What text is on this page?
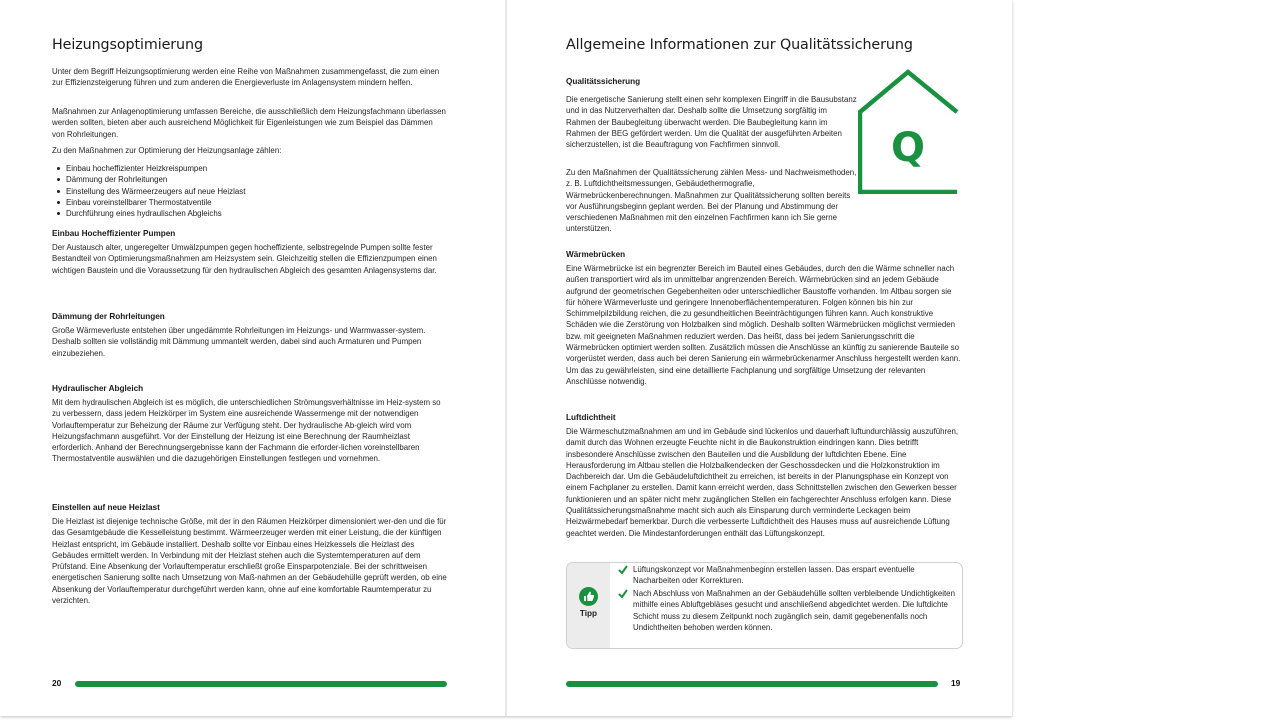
Heizungsoptimierung

Unter dem Begriff Heizungsoptimierung werden eine Reihe von Maßnahmen zusammengefasst, die zum einen zur Effizienzsteigerung führen und zum anderen die Energieverluste im Anlagensystem mindern helfen.

Maßnahmen zur Anlagenoptimierung umfassen Bereiche, die ausschließlich dem Heizungsfachmann überlassen werden sollten, bieten aber auch ausreichend Möglichkeit für Eigenleistungen wie zum Beispiel das Dämmen von Rohrleitungen.

Zu den Maßnahmen zur Optimierung der Heizungsanlage zählen:

Einbau hocheffizienter Heizkreispumpen
Dämmung der Rohrleitungen
Einstellung des Wärmeerzeugers auf neue Heizlast
Einbau voreinstellbarer Thermostatventile
Durchführung eines hydraulischen Abgleichs
Einbau Hocheffizienter Pumpen

Der Austausch alter, ungeregelter Umwälzpumpen gegen hocheffiziente, selbstregelnde Pumpen sollte fester Bestandteil von Optimierungsmaßnahmen am Heizsystem sein. Gleichzeitig stellen die Effizienzpumpen einen wichtigen Baustein und die Voraussetzung für den hydraulischen Abgleich des gesamten Anlagensystems dar.

Dämmung der Rohrleitungen

Große Wärmeverluste entstehen über ungedämmte Rohrleitungen im Heizungs- und Warmwasser-system. Deshalb sollten sie vollständig mit Dämmung ummantelt werden, dabei sind auch Armaturen und Pumpen einzubeziehen.

Hydraulischer Abgleich

Mit dem hydraulischen Abgleich ist es möglich, die unterschiedlichen Strömungsverhältnisse im Heiz-system so zu verbessern, dass jedem Heizkörper im System eine ausreichende Wassermenge mit der notwendigen Vorlauftemperatur zur Beheizung der Räume zur Verfügung steht. Der hydraulische Ab-gleich wird vom Heizungsfachmann ausgeführt. Vor der Einstellung der Heizung ist eine Berechnung der Raumheizlast erforderlich. Anhand der Berechnungsergebnisse kann der Fachmann die erforder-lichen voreinstellbaren Thermostatventile auswählen und die dazugehörigen Einstellungen festlegen und vornehmen.

Einstellen auf neue Heizlast

Die Heizlast ist diejenige technische Größe, mit der in den Räumen Heizkörper dimensioniert wer-den und die für das Gesamtgebäude die Kesselleistung bestimmt. Wärmeerzeuger werden mit einer Leistung, die der künftigen Heizlast entspricht, im Gebäude installiert. Deshalb sollte vor Einbau eines Heizkessels die Heizlast des Gebäudes ermittelt werden. In Verbindung mit der Heizlast stehen auch die Systemtemperaturen auf dem Prüfstand. Eine Absenkung der Vorlauftemperatur erschließt große Einsparpotenziale. Bei der schrittweisen energetischen Sanierung sollte nach Umsetzung von Maß-nahmen an der Gebäudehülle geprüft werden, ob eine Absenkung der Vorlauftemperatur durchgeführt werden kann, ohne auf eine komfortable Raumtemperatur zu verzichten.

20
Allgemeine Informationen zur Qualitätssicherung
Qualitätssicherung

Die energetische Sanierung stellt einen sehr komplexen Eingriff in die Bausubstanz und in das Nutzerverhalten dar. Deshalb sollte die Umsetzung sorgfältig im Rahmen der Baubegleitung überwacht werden. Die Baubegleitung kann im Rahmen der BEG gefördert werden. Um die Qualität der ausgeführten Arbeiten sicherzustellen, ist die Beauftragung von Fachfirmen sinnvoll.

Zu den Maßnahmen der Qualitätssicherung zählen Mess- und Nachweismethoden, z. B. Luftdichtheitsmessungen, Gebäudethermografie, Wärmebrückenberechnungen. Maßnahmen zur Qualitätssicherung sollten bereits vor Ausführungsbeginn geplant werden. Bei der Planung und Abstimmung der verschiedenen Maßnahmen mit den einzelnen Fachfirmen kann ich Sie gerne unterstützen.

Wärmebrücken

Eine Wärmebrücke ist ein begrenzter Bereich im Bauteil eines Gebäudes, durch den die Wärme schneller nach außen transportiert wird als im unmittelbar angrenzenden Bereich. Wärmebrücken sind an jedem Gebäude aufgrund der geometrischen Gegebenheiten oder unterschiedlicher Baustoffe vorhanden. Im Altbau sorgen sie für höhere Wärmeverluste und geringere Innenoberflächentemperaturen. Folgen können bis hin zur Schimmelpilzbildung reichen, die zu gesundheitlichen Beeinträchtigungen führen kann. Auch konstruktive Schäden wie die Zerstörung von Holzbalken sind möglich. Deshalb sollten Wärmebrücken möglichst vermieden bzw. mit geeigneten Maßnahmen reduziert werden. Das heißt, dass bei jedem Sanierungsschritt die Wärmebrücken optimiert werden sollten. Zusätzlich müssen die Anschlüsse an künftig zu sanierende Bauteile so vorgerüstet werden, dass auch bei deren Sanierung ein wärmebrückenarmer Anschluss hergestellt werden kann. Um das zu gewährleisten, sind eine detaillierte Fachplanung und sorgfältige Umsetzung der relevanten Anschlüsse notwendig.

Luftdichtheit

Die Wärmeschutzmaßnahmen am und im Gebäude sind lückenlos und dauerhaft luftundurchlässig auszuführen, damit durch das Wohnen erzeugte Feuchte nicht in die Baukonstruktion eindringen kann. Dies betrifft insbesondere Anschlüsse zwischen den Bauteilen und die Ausbildung der luftdichten Ebene. Eine Herausforderung im Altbau stellen die Holzbalkendecken der Geschossdecken und die Holzkonstruktion im Dachbereich dar. Um die Gebäudeluftdichtheit zu erreichen, ist bereits in der Planungsphase ein Konzept von einem Fachplaner zu erstellen. Damit kann erreicht werden, dass Schnittstellen zwischen den Gewerken besser funktionieren und an später nicht mehr zugänglichen Stellen ein fachgerechter Anschluss erfolgen kann. Diese Qualitätssicherungsmaßnahme macht sich auch als Einsparung durch verminderte Leckagen beim Heizwärmebedarf bemerkbar. Durch die verbesserte Luftdichtheit des Hauses muss auf ausreichende Lüftung geachtet werden. Die Mindestanforderungen enthält das Lüftungskonzept.

Q
Tipp

Lüftungskonzept vor Maßnahmenbeginn erstellen lassen. Das erspart eventuelle Nacharbeiten oder Korrekturen.

Nach Abschluss von Maßnahmen an der Gebäudehülle sollten verbleibende Undichtigkeiten mithilfe eines Abluftgebläses gesucht und anschließend abgedichtet werden. Die luftdichte Schicht muss zu diesem Zeitpunkt noch zugänglich sein, damit gegebenenfalls noch Undichtheiten behoben werden können.

19
